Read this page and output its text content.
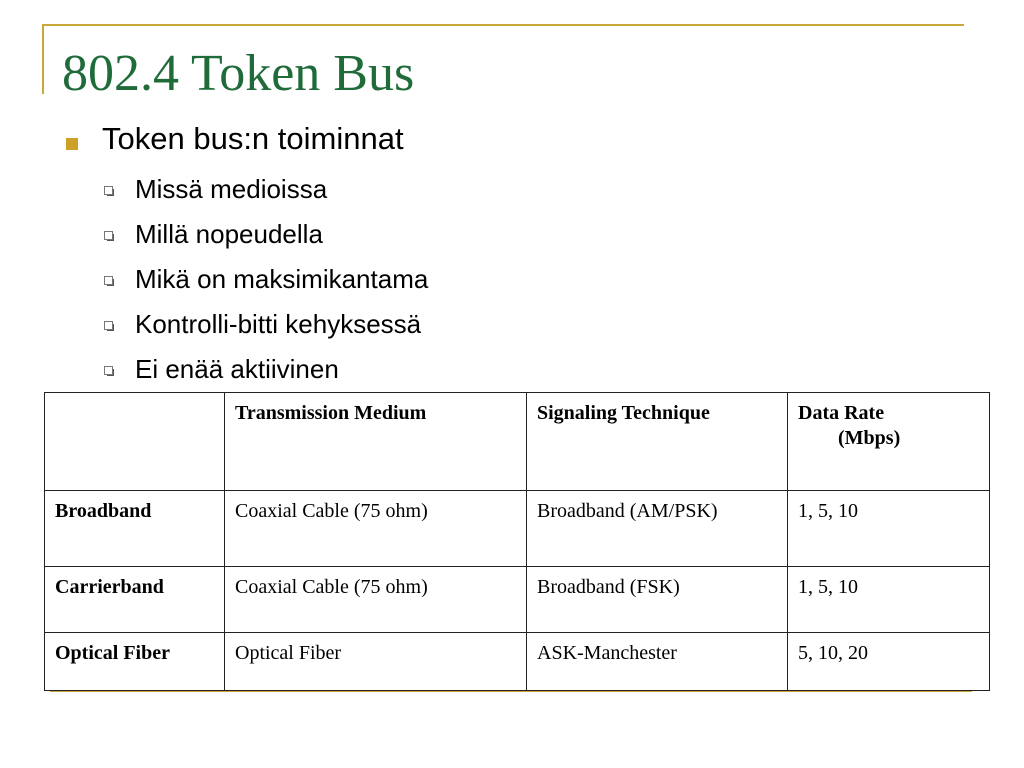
802.4 Token Bus
Token bus:n toiminnat
Missä medioissa
Millä nopeudella
Mikä on maksimikantama
Kontrolli-bitti kehyksessä
Ei enää aktiivinen
	Transmission Medium	Signaling Technique	Data Rate
(Mbps)

Broadband	Coaxial Cable (75 ohm)	Broadband (AM/PSK)	1, 5, 10
Carrierband	Coaxial Cable (75 ohm)	Broadband (FSK)	1, 5, 10
Optical Fiber	Optical Fiber	ASK-Manchester	5, 10, 20
